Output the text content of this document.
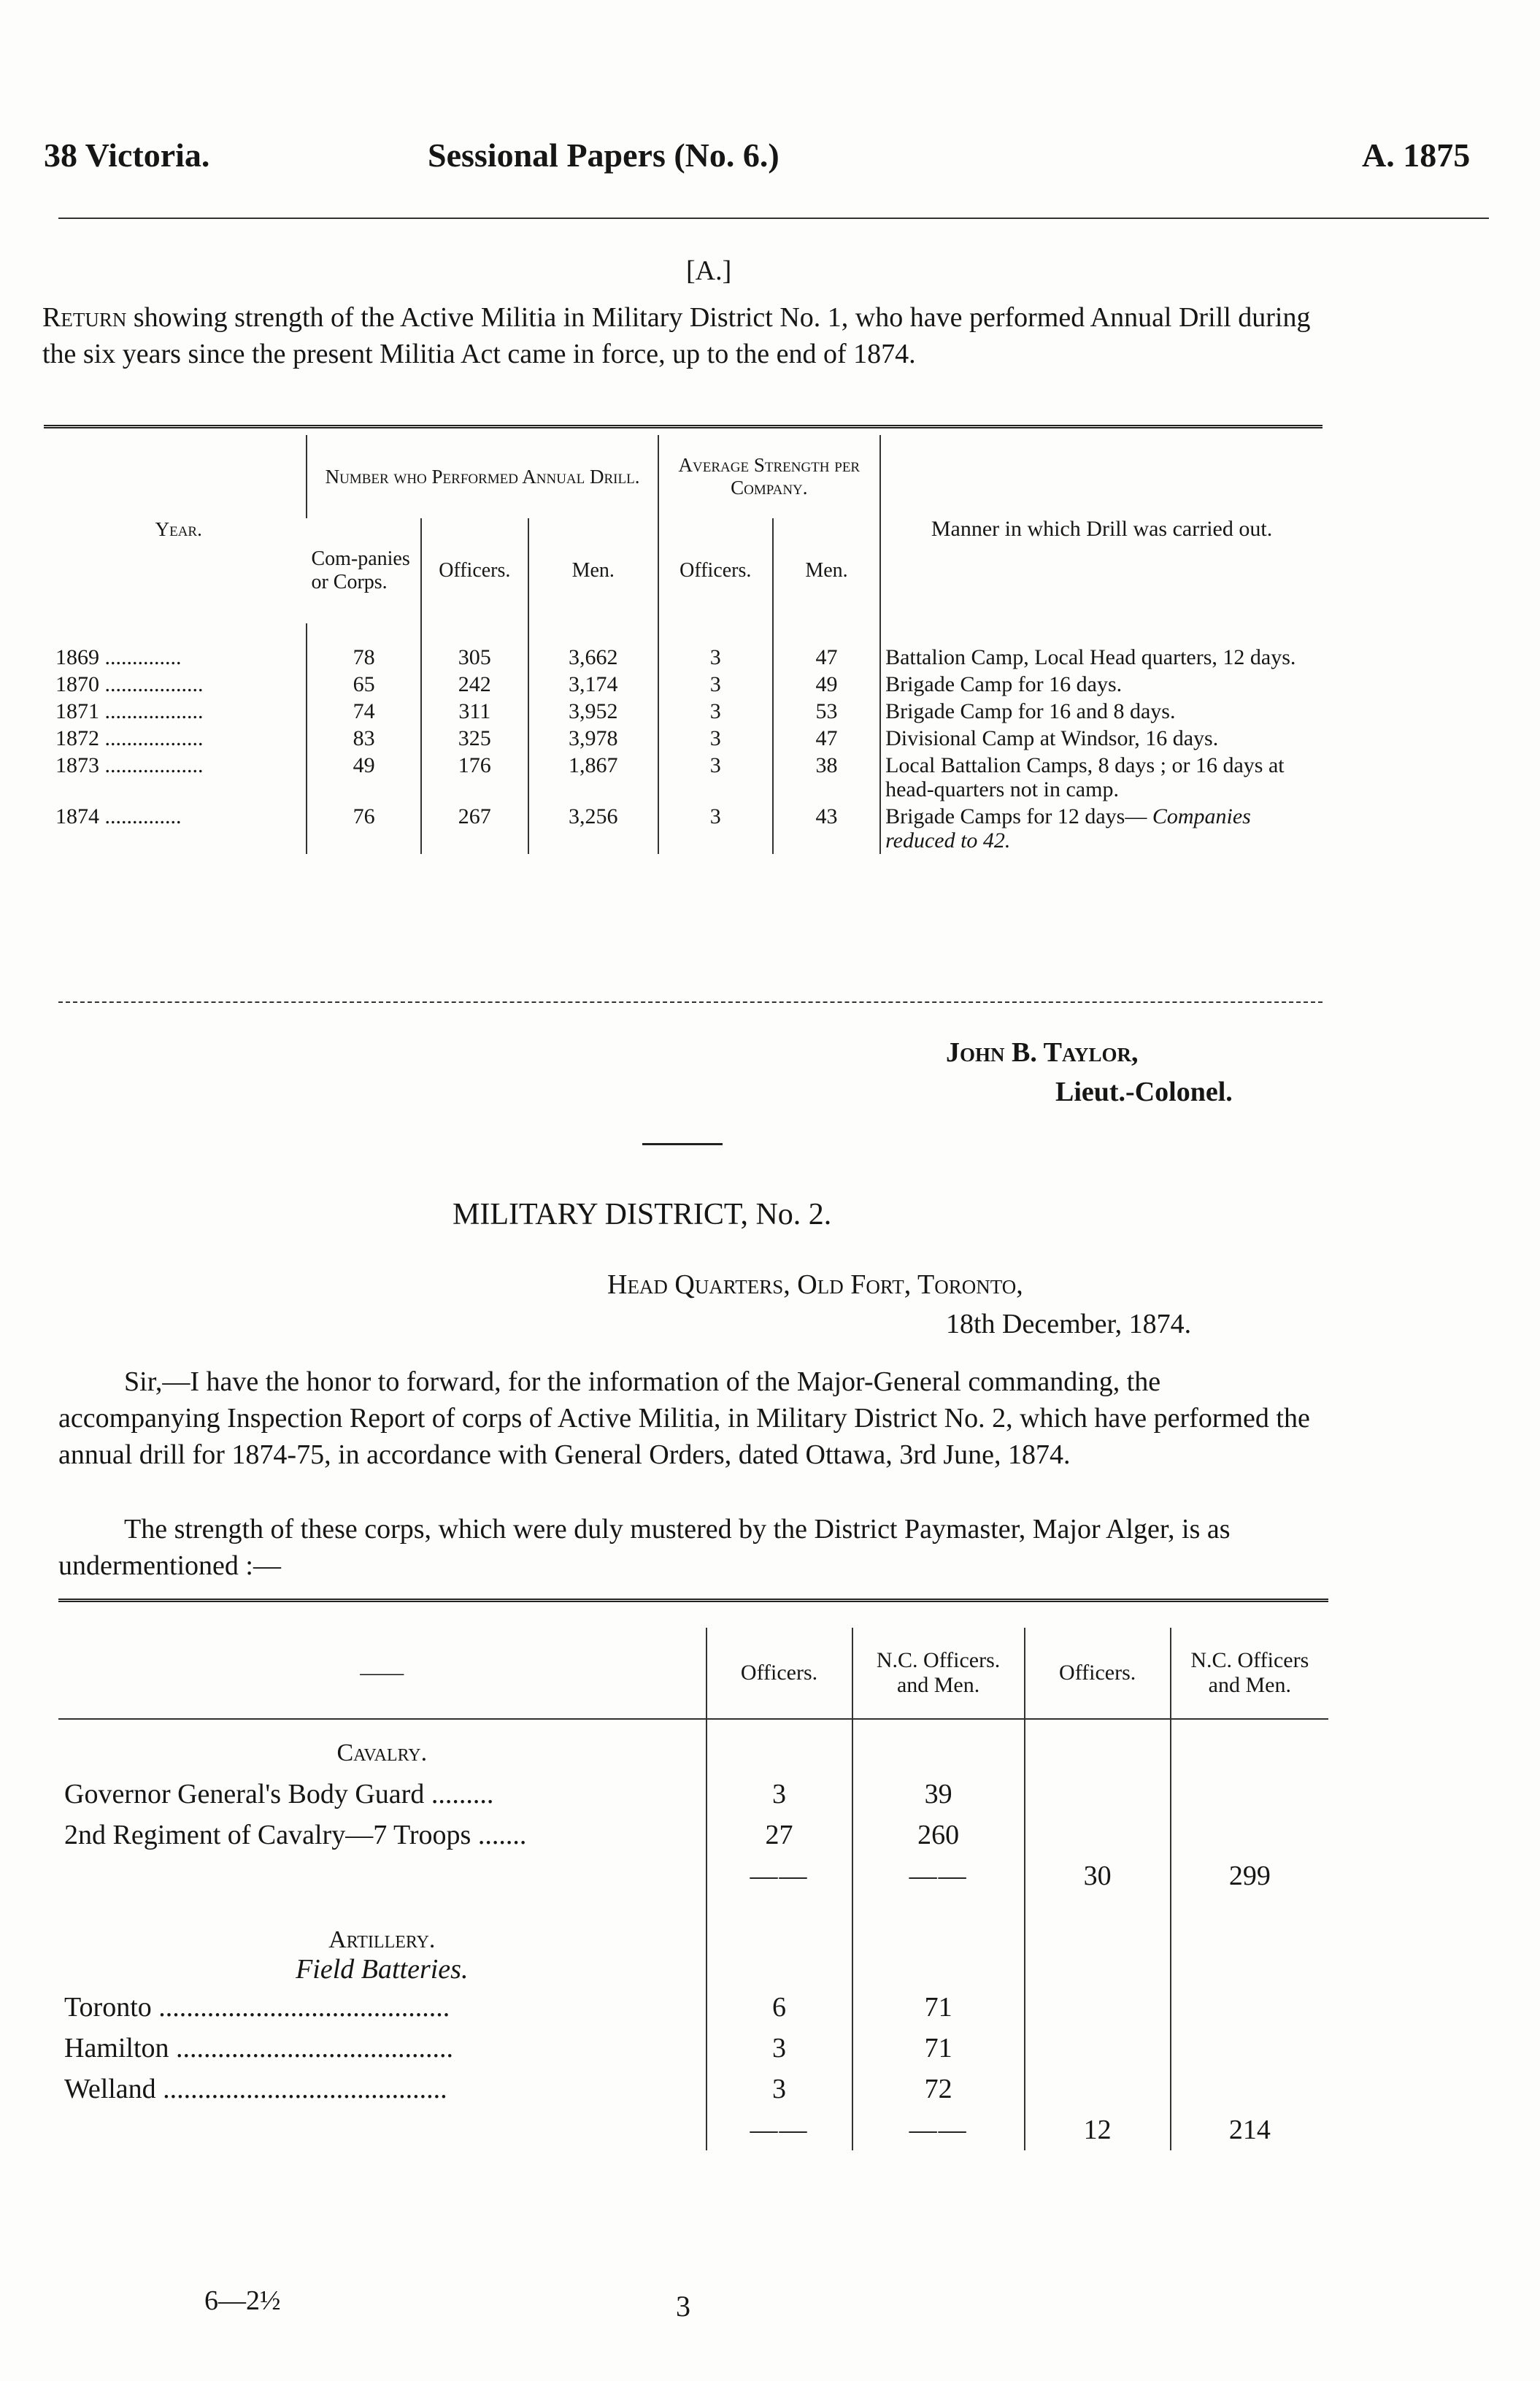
38 Victoria.	Sessional Papers (No. 6.)	A. 1875
[A.]
Return showing strength of the Active Militia in Military District No. 1, who have performed Annual Drill during the six years since the present Militia Act came in force, up to the end of 1874.
Year.	Number who Performed Annual Drill.			Average Strength per Company.		Manner in which Drill was carried out.
	Com-panies or Corps.	Officers.	Men.	Officers.	Men.	
1869 ..............	78	305	3,662	3	47	Battalion Camp, Local Head quarters, 12 days.
1870 ..................	65	242	3,174	3	49	Brigade Camp for 16 days.
1871 ..................	74	311	3,952	3	53	Brigade Camp for 16 and 8 days.
1872 ..................	83	325	3,978	3	47	Divisional Camp at Windsor, 16 days.
1873 ..................	49	176	1,867	3	38	Local Battalion Camps, 8 days ; or 16 days at head-quarters not in camp.
1874 ..............	76	267	3,256	3	43	Brigade Camps for 12 days— Companies reduced to 42.
John B. Taylor,
Lieut.-Colonel.
MILITARY DISTRICT, No. 2.
Head Quarters, Old Fort, Toronto,
18th December, 1874.
Sir,—I have the honor to forward, for the information of the Major-General commanding, the accompanying Inspection Report of corps of Active Militia, in Military District No. 2, which have performed the annual drill for 1874-75, in accordance with General Orders, dated Ottawa, 3rd June, 1874.
The strength of these corps, which were duly mustered by the District Paymaster, Major Alger, is as undermentioned :—
——	Officers.	N.C. Officers. and Men.	Officers.	N.C. Officers and Men.
Cavalry.				
Governor General's Body Guard .........	3	39		
2nd Regiment of Cavalry—7 Troops .......	27	260		
	——	——	30	299

Artillery.
Field Batteries.				
Toronto ..........................................	6	71		
Hamilton ........................................	3	71		
Welland .........................................	3	72		
	——	——	12	214
6—2½	3
